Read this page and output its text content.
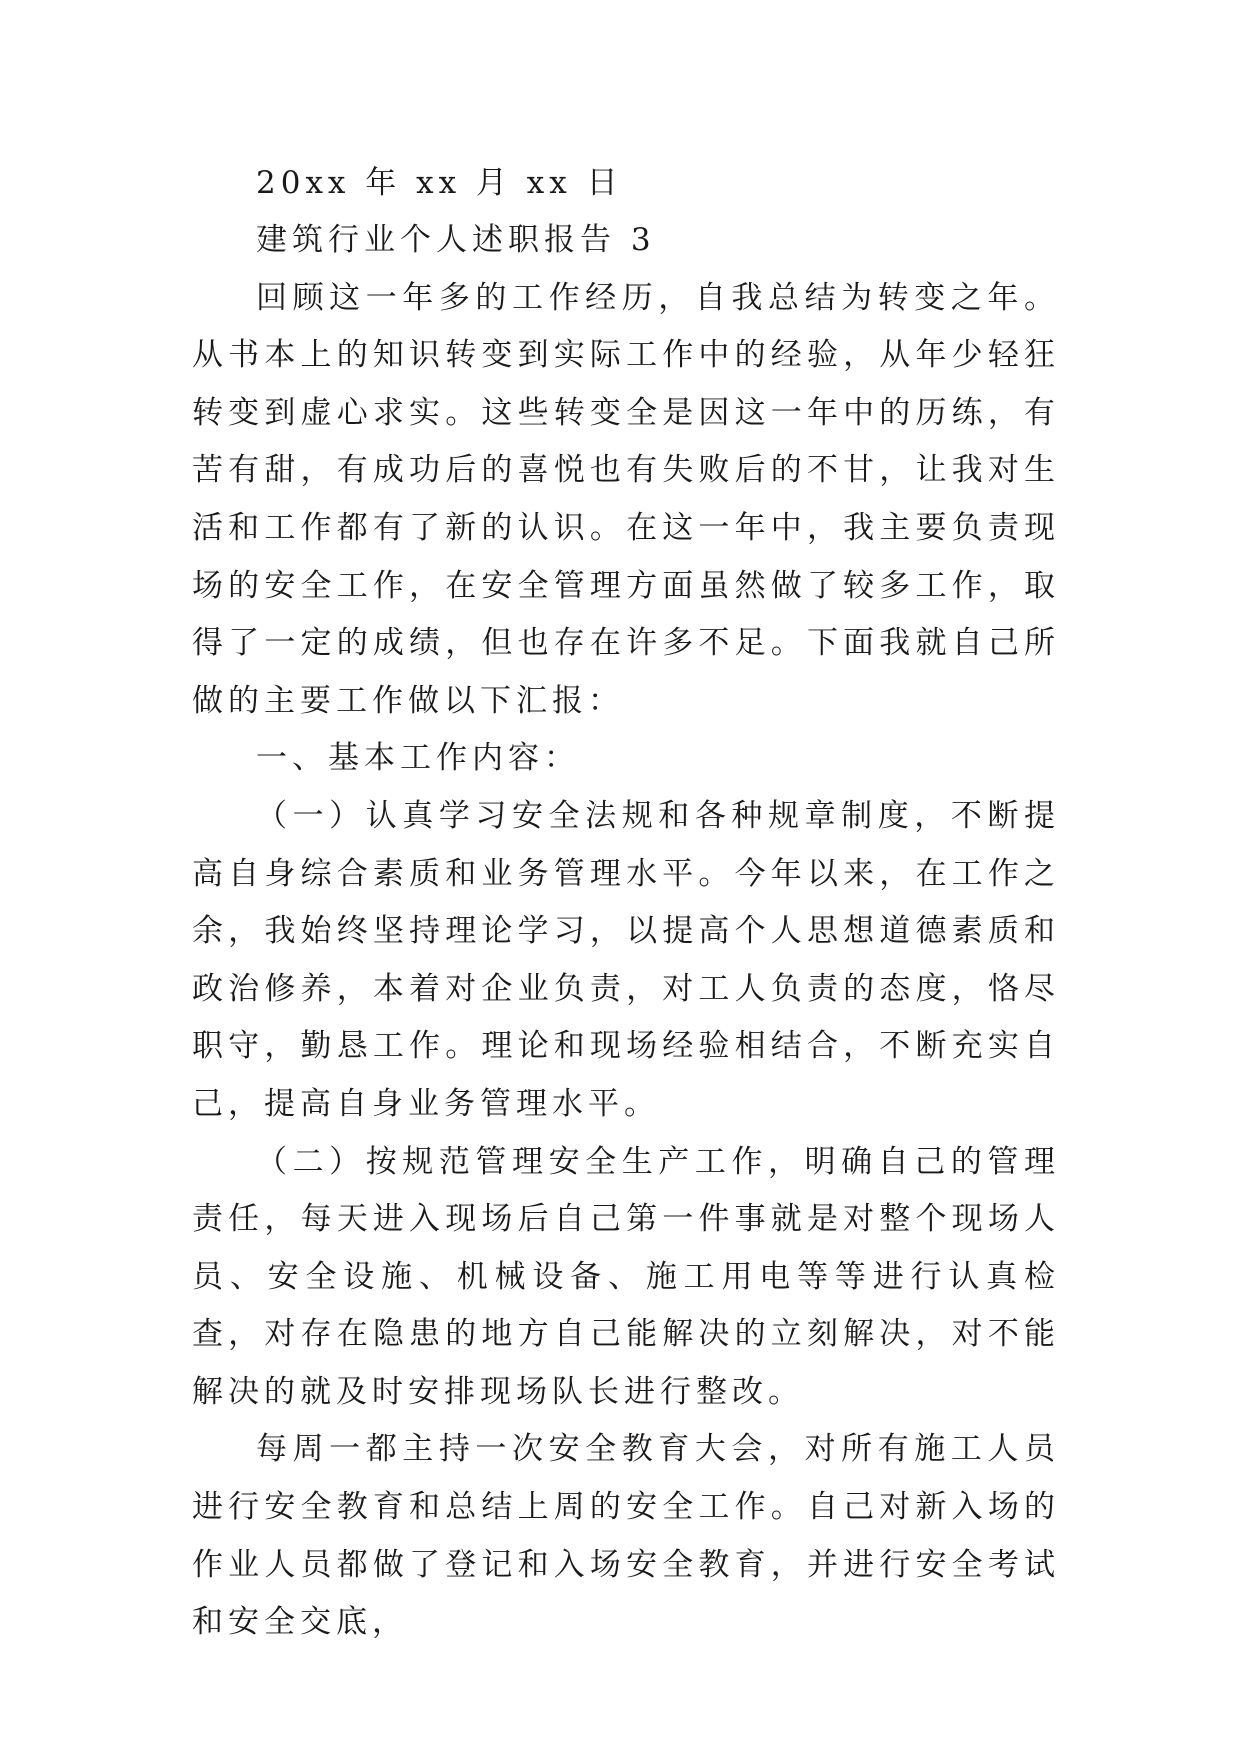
20xx 年 xx 月 xx 日

建筑行业个人述职报告 3

回顾这一年多的工作经历，自我总结为转变之年。从书本上的知识转变到实际工作中的经验，从年少轻狂转变到虚心求实。这些转变全是因这一年中的历练，有苦有甜，有成功后的喜悦也有失败后的不甘，让我对生活和工作都有了新的认识。在这一年中，我主要负责现场的安全工作，在安全管理方面虽然做了较多工作，取得了一定的成绩，但也存在许多不足。下面我就自己所做的主要工作做以下汇报：

一、基本工作内容：

（一）认真学习安全法规和各种规章制度，不断提高自身综合素质和业务管理水平。今年以来，在工作之余，我始终坚持理论学习，以提高个人思想道德素质和政治修养，本着对企业负责，对工人负责的态度，恪尽职守，勤恳工作。理论和现场经验相结合，不断充实自己，提高自身业务管理水平。

（二）按规范管理安全生产工作，明确自己的管理责任，每天进入现场后自己第一件事就是对整个现场人员、安全设施、机械设备、施工用电等等进行认真检查，对存在隐患的地方自己能解决的立刻解决，对不能解决的就及时安排现场队长进行整改。

每周一都主持一次安全教育大会，对所有施工人员进行安全教育和总结上周的安全工作。自己对新入场的作业人员都做了登记和入场安全教育，并进行安全考试和安全交底，
